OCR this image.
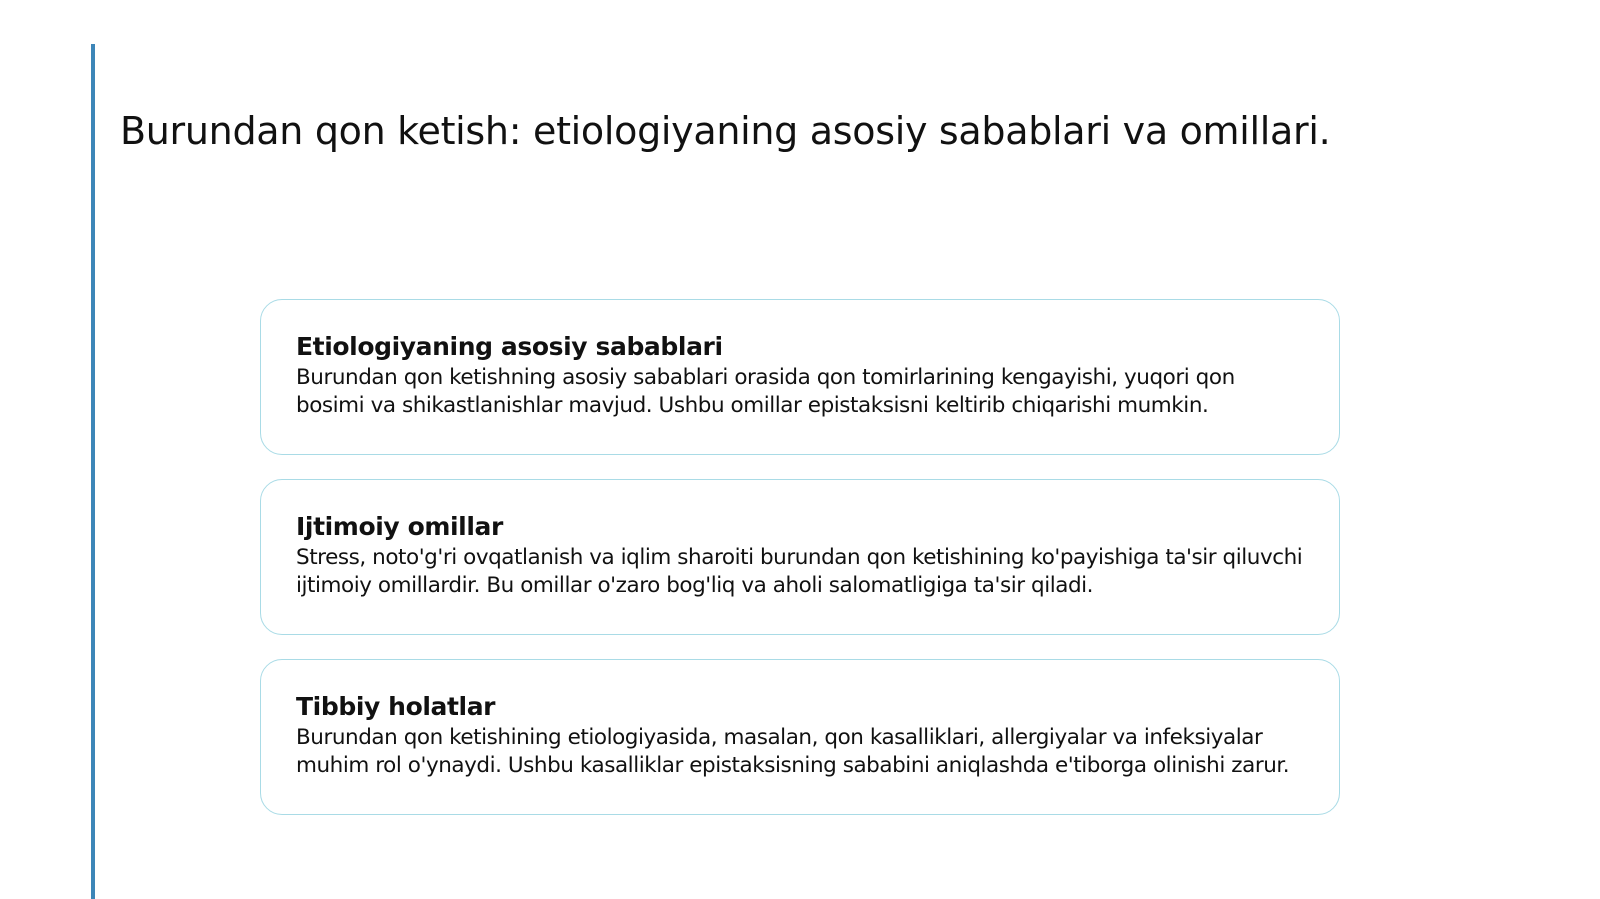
Burundan qon ketish: etiologiyaning asosiy sabablari va omillari.
Etiologiyaning asosiy sabablari

Burundan qon ketishning asosiy sabablari orasida qon tomirlarining kengayishi, yuqori qon bosimi va shikastlanishlar mavjud. Ushbu omillar epistaksisni keltirib chiqarishi mumkin.

Ijtimoiy omillar

Stress, noto'g'ri ovqatlanish va iqlim sharoiti burundan qon ketishining ko'payishiga ta'sir qiluvchi ijtimoiy omillardir. Bu omillar o'zaro bog'liq va aholi salomatligiga ta'sir qiladi.

Tibbiy holatlar

Burundan qon ketishining etiologiyasida, masalan, qon kasalliklari, allergiyalar va infeksiyalar muhim rol o'ynaydi. Ushbu kasalliklar epistaksisning sababini aniqlashda e'tiborga olinishi zarur.
